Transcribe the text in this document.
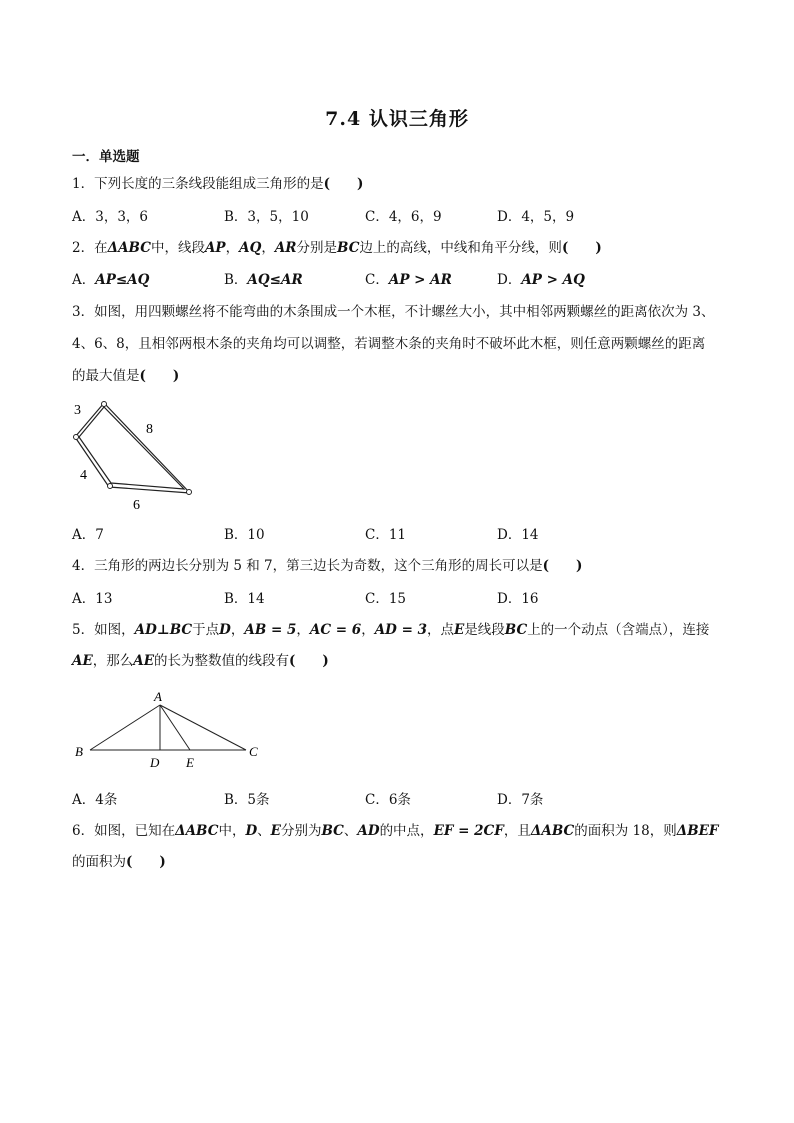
7.4 认识三角形
一．单选题
1．下列长度的三条线段能组成三角形的是(　　)
A．3，3，6	B．3，5，10	C．4，6，9	D．4，5，9
2．在ΔABC中，线段AP，AQ，AR分别是BC边上的高线，中线和角平分线，则(　　)
A．AP≤AQ	B．AQ≤AR	C．AP > AR	D．AP > AQ
3．如图，用四颗螺丝将不能弯曲的木条围成一个木框，不计螺丝大小，其中相邻两颗螺丝的距离依次为 3、
4、6、8，且相邻两根木条的夹角均可以调整，若调整木条的夹角时不破坏此木框，则任意两颗螺丝的距离
的最大值是(　　)
3
8
4
6
A．7	B．10	C．11	D．14
4．三角形的两边长分别为 5 和 7，第三边长为奇数，这个三角形的周长可以是(　　)
A．13	B．14	C．15	D．16
5．如图，AD⊥BC于点D，AB = 5，AC = 6，AD = 3，点E是线段BC上的一个动点（含端点），连接
AE，那么AE的长为整数值的线段有(　　)
A
B	C
D E
A．4条	B．5条	C．6条	D．7条
6．如图，已知在ΔABC中，D、E分别为BC、AD的中点，EF = 2CF，且ΔABC的面积为 18，则ΔBEF
的面积为(　　)
